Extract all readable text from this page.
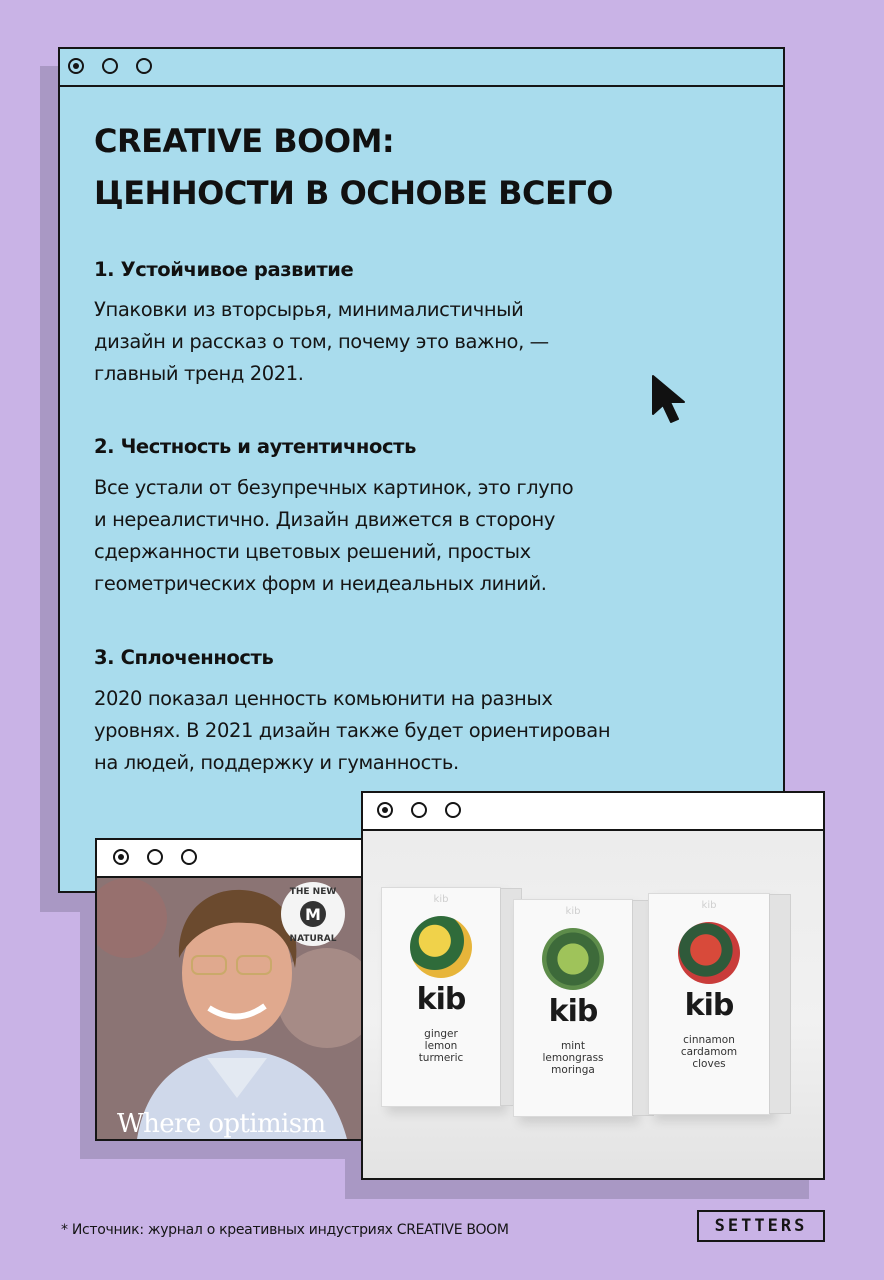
CREATIVE BOOM:
ЦЕННОСТИ В ОСНОВЕ ВСЕГО
1. Устойчивое развитие
Упаковки из вторсырья, минималистичный
дизайн и рассказ о том, почему это важно, —
главный тренд 2021.
2. Честность и аутентичность
Все устали от безупречных картинок, это глупо
и нереалистично. Дизайн движется в сторону
сдержанности цветовых решений, простых
геометрических форм и неидеальных линий.
3. Сплоченность
2020 показал ценность комьюнити на разных
уровнях. В 2021 дизайн также будет ориентирован
на людей, поддержку и гуманность.
M
THE NEW
NATURAL
Where optimism
kib
kib
ginger
lemon
turmeric
kib
kib
mint
lemongrass
moringa
kib
kib
cinnamon
cardamom
cloves

* Источник: журнал о креативных индустриях CREATIVE BOOM	SETTERS
